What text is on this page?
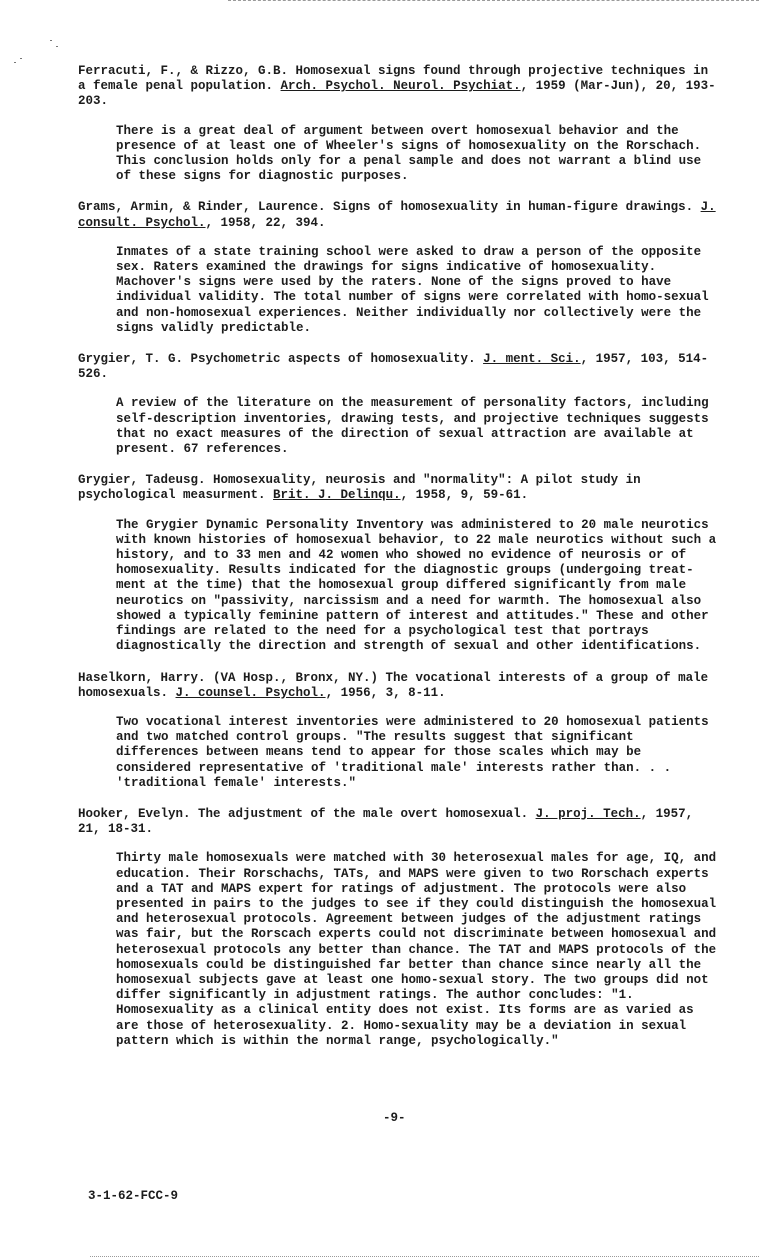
Ferracuti, F., & Rizzo, G.B. Homosexual signs found through projective techniques in a female penal population. Arch. Psychol. Neurol. Psychiat., 1959 (Mar-Jun), 20, 193-203.

There is a great deal of argument between overt homosexual behavior and the presence of at least one of Wheeler's signs of homosexuality on the Rorschach. This conclusion holds only for a penal sample and does not warrant a blind use of these signs for diagnostic purposes.

Grams, Armin, & Rinder, Laurence. Signs of homosexuality in human-figure drawings. J. consult. Psychol., 1958, 22, 394.

Inmates of a state training school were asked to draw a person of the opposite sex. Raters examined the drawings for signs indicative of homosexuality. Machover's signs were used by the raters. None of the signs proved to have individual validity. The total number of signs were correlated with homo-sexual and non-homosexual experiences. Neither individually nor collectively were the signs validly predictable.

Grygier, T. G. Psychometric aspects of homosexuality. J. ment. Sci., 1957, 103, 514-526.

A review of the literature on the measurement of personality factors, including self-description inventories, drawing tests, and projective techniques suggests that no exact measures of the direction of sexual attraction are available at present. 67 references.

Grygier, Tadeusg. Homosexuality, neurosis and "normality": A pilot study in psychological measurment. Brit. J. Delinqu., 1958, 9, 59-61.

The Grygier Dynamic Personality Inventory was administered to 20 male neurotics with known histories of homosexual behavior, to 22 male neurotics without such a history, and to 33 men and 42 women who showed no evidence of neurosis or of homosexuality. Results indicated for the diagnostic groups (undergoing treat-ment at the time) that the homosexual group differed significantly from male neurotics on "passivity, narcissism and a need for warmth. The homosexual also showed a typically feminine pattern of interest and attitudes." These and other findings are related to the need for a psychological test that portrays diagnostically the direction and strength of sexual and other identifications.

Haselkorn, Harry. (VA Hosp., Bronx, NY.) The vocational interests of a group of male homosexuals. J. counsel. Psychol., 1956, 3, 8-11.

Two vocational interest inventories were administered to 20 homosexual patients and two matched control groups. "The results suggest that significant differences between means tend to appear for those scales which may be considered representative of 'traditional male' interests rather than. . . 'traditional female' interests."

Hooker, Evelyn. The adjustment of the male overt homosexual. J. proj. Tech., 1957, 21, 18-31.

Thirty male homosexuals were matched with 30 heterosexual males for age, IQ, and education. Their Rorschachs, TATs, and MAPS were given to two Rorschach experts and a TAT and MAPS expert for ratings of adjustment. The protocols were also presented in pairs to the judges to see if they could distinguish the homosexual and heterosexual protocols. Agreement between judges of the adjustment ratings was fair, but the Rorscach experts could not discriminate between homosexual and heterosexual protocols any better than chance. The TAT and MAPS protocols of the homosexuals could be distinguished far better than chance since nearly all the homosexual subjects gave at least one homo-sexual story. The two groups did not differ significantly in adjustment ratings. The author concludes: "1. Homosexuality as a clinical entity does not exist. Its forms are as varied as are those of heterosexuality. 2. Homo-sexuality may be a deviation in sexual pattern which is within the normal range, psychologically."

-9-
3-1-62-FCC-9
